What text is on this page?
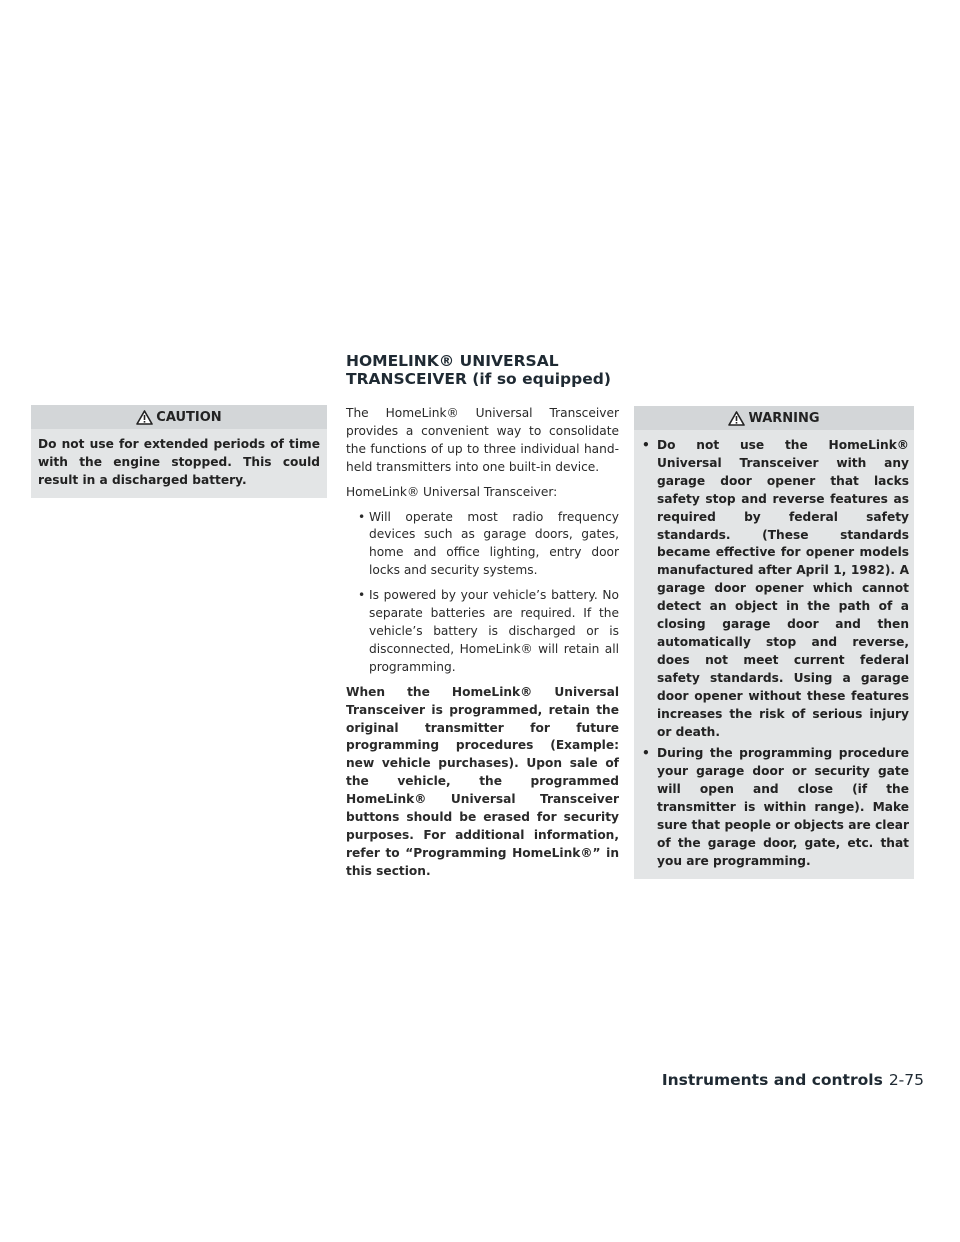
CAUTION
Do not use for extended periods of time with the engine stopped. This could result in a discharged battery.
HOMELINK® UNIVERSAL
TRANSCEIVER (if so equipped)

The HomeLink® Universal Transceiver provides a convenient way to consolidate the functions of up to three individual hand-held transmitters into one built-in device.

HomeLink® Universal Transceiver:

• Will operate most radio frequency devices such as garage doors, gates, home and office lighting, entry door locks and security systems.
• Is powered by your vehicle’s battery. No separate batteries are required. If the vehicle’s battery is discharged or is disconnected, HomeLink® will retain all programming.

When the HomeLink® Universal Transceiver is programmed, retain the original transmitter for future programming procedures (Example: new vehicle purchases). Upon sale of the vehicle, the programmed HomeLink® Universal Transceiver buttons should be erased for security purposes. For additional information, refer to “Programming HomeLink®” in this section.

WARNING
• Do not use the HomeLink® Universal Transceiver with any garage door opener that lacks safety stop and reverse features as required by federal safety standards. (These standards became effective for opener models manufactured after April 1, 1982). A garage door opener which cannot detect an object in the path of a closing garage door and then automatically stop and reverse, does not meet current federal safety standards. Using a garage door opener without these features increases the risk of serious injury or death.
• During the programming procedure your garage door or security gate will open and close (if the transmitter is within range). Make sure that people or objects are clear of the garage door, gate, etc. that you are programming.
Instruments and controls 2-75
